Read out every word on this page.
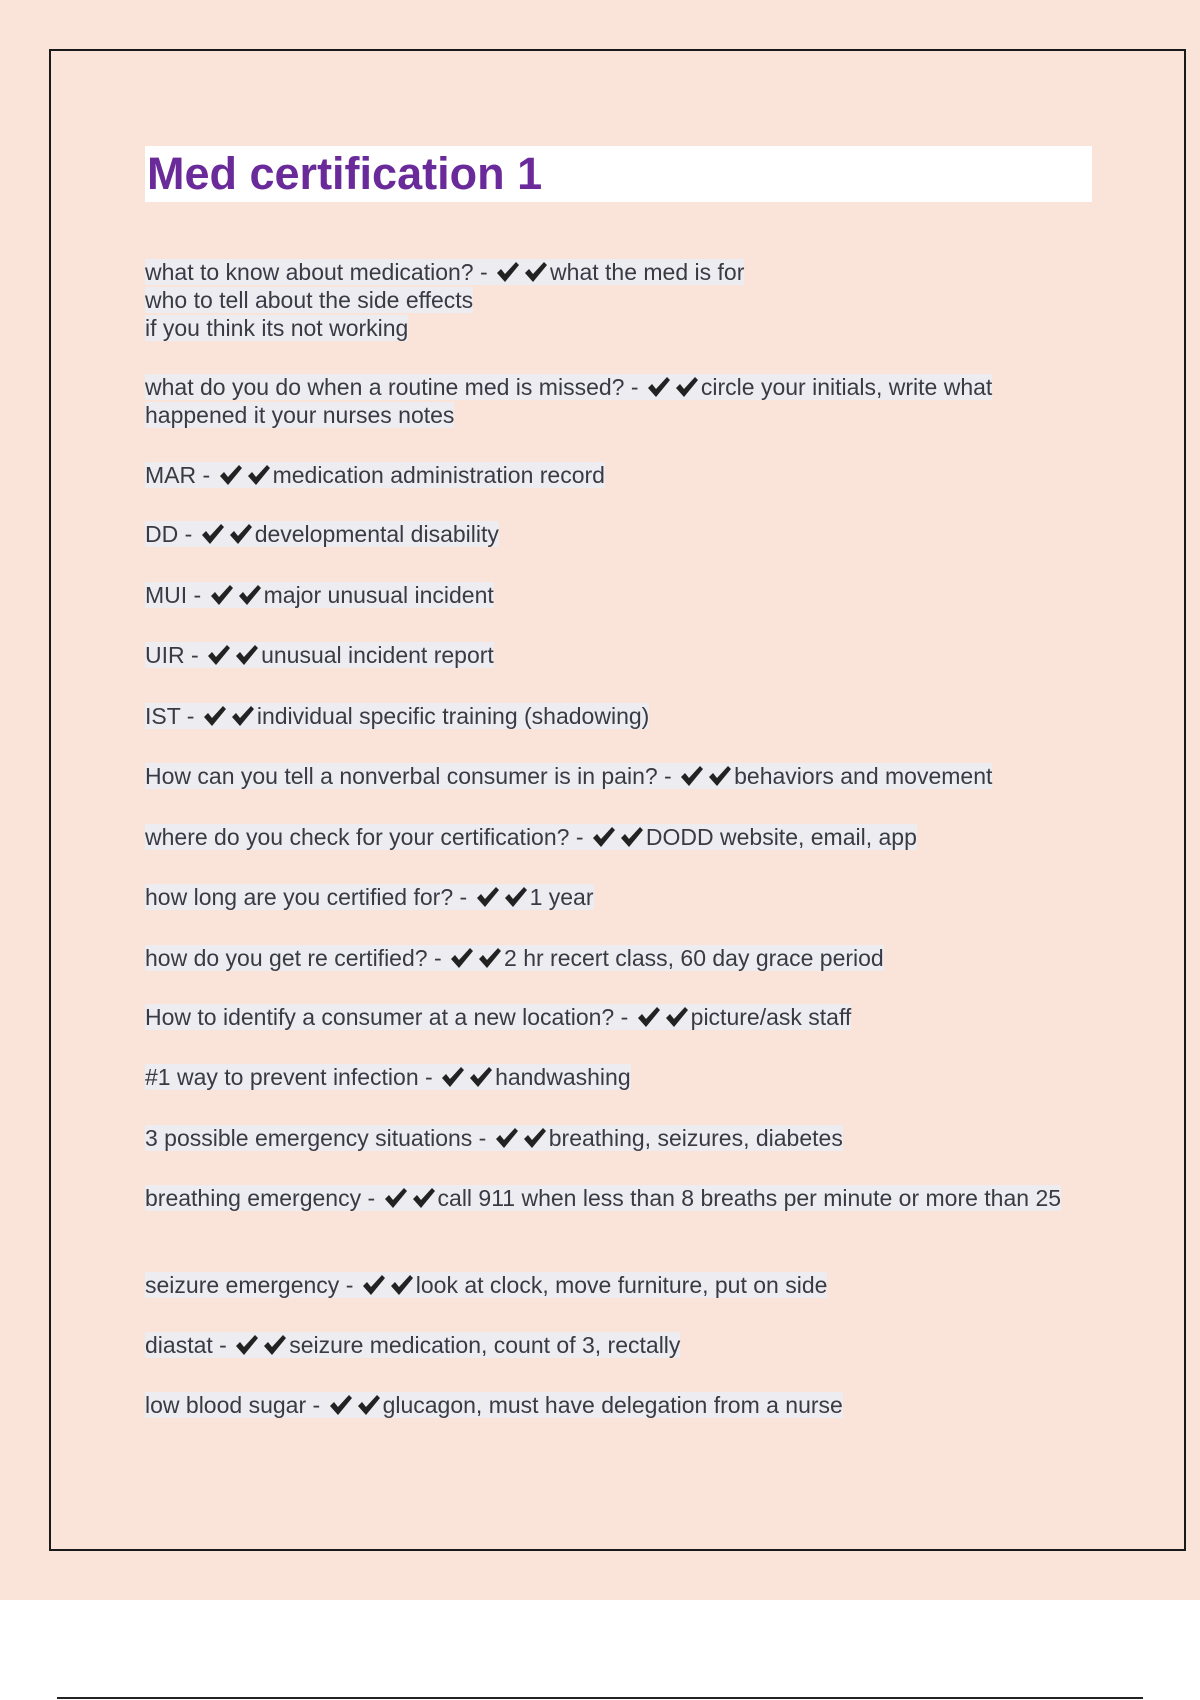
Med certification 1
what to know about medication? -
what the med is for
who to tell about the side effects
if you think its not working
what do you do when a routine med is missed? -
circle your initials, write what happened it your nurses notes
MAR -
medication administration record
DD -
developmental disability
MUI -
major unusual incident
UIR -
unusual incident report
IST -
individual specific training (shadowing)
How can you tell a nonverbal consumer is in pain? -
behaviors and movement
where do you check for your certification? -
DODD website, email, app
how long are you certified for? -
1 year
how do you get re certified? -
2 hr recert class, 60 day grace period
How to identify a consumer at a new location? -
picture/ask staff
#1 way to prevent infection -
handwashing
3 possible emergency situations -
breathing, seizures, diabetes
breathing emergency -
call 911 when less than 8 breaths per minute or more than 25
seizure emergency -
look at clock, move furniture, put on side
diastat -
seizure medication, count of 3, rectally
low blood sugar -
glucagon, must have delegation from a nurse
